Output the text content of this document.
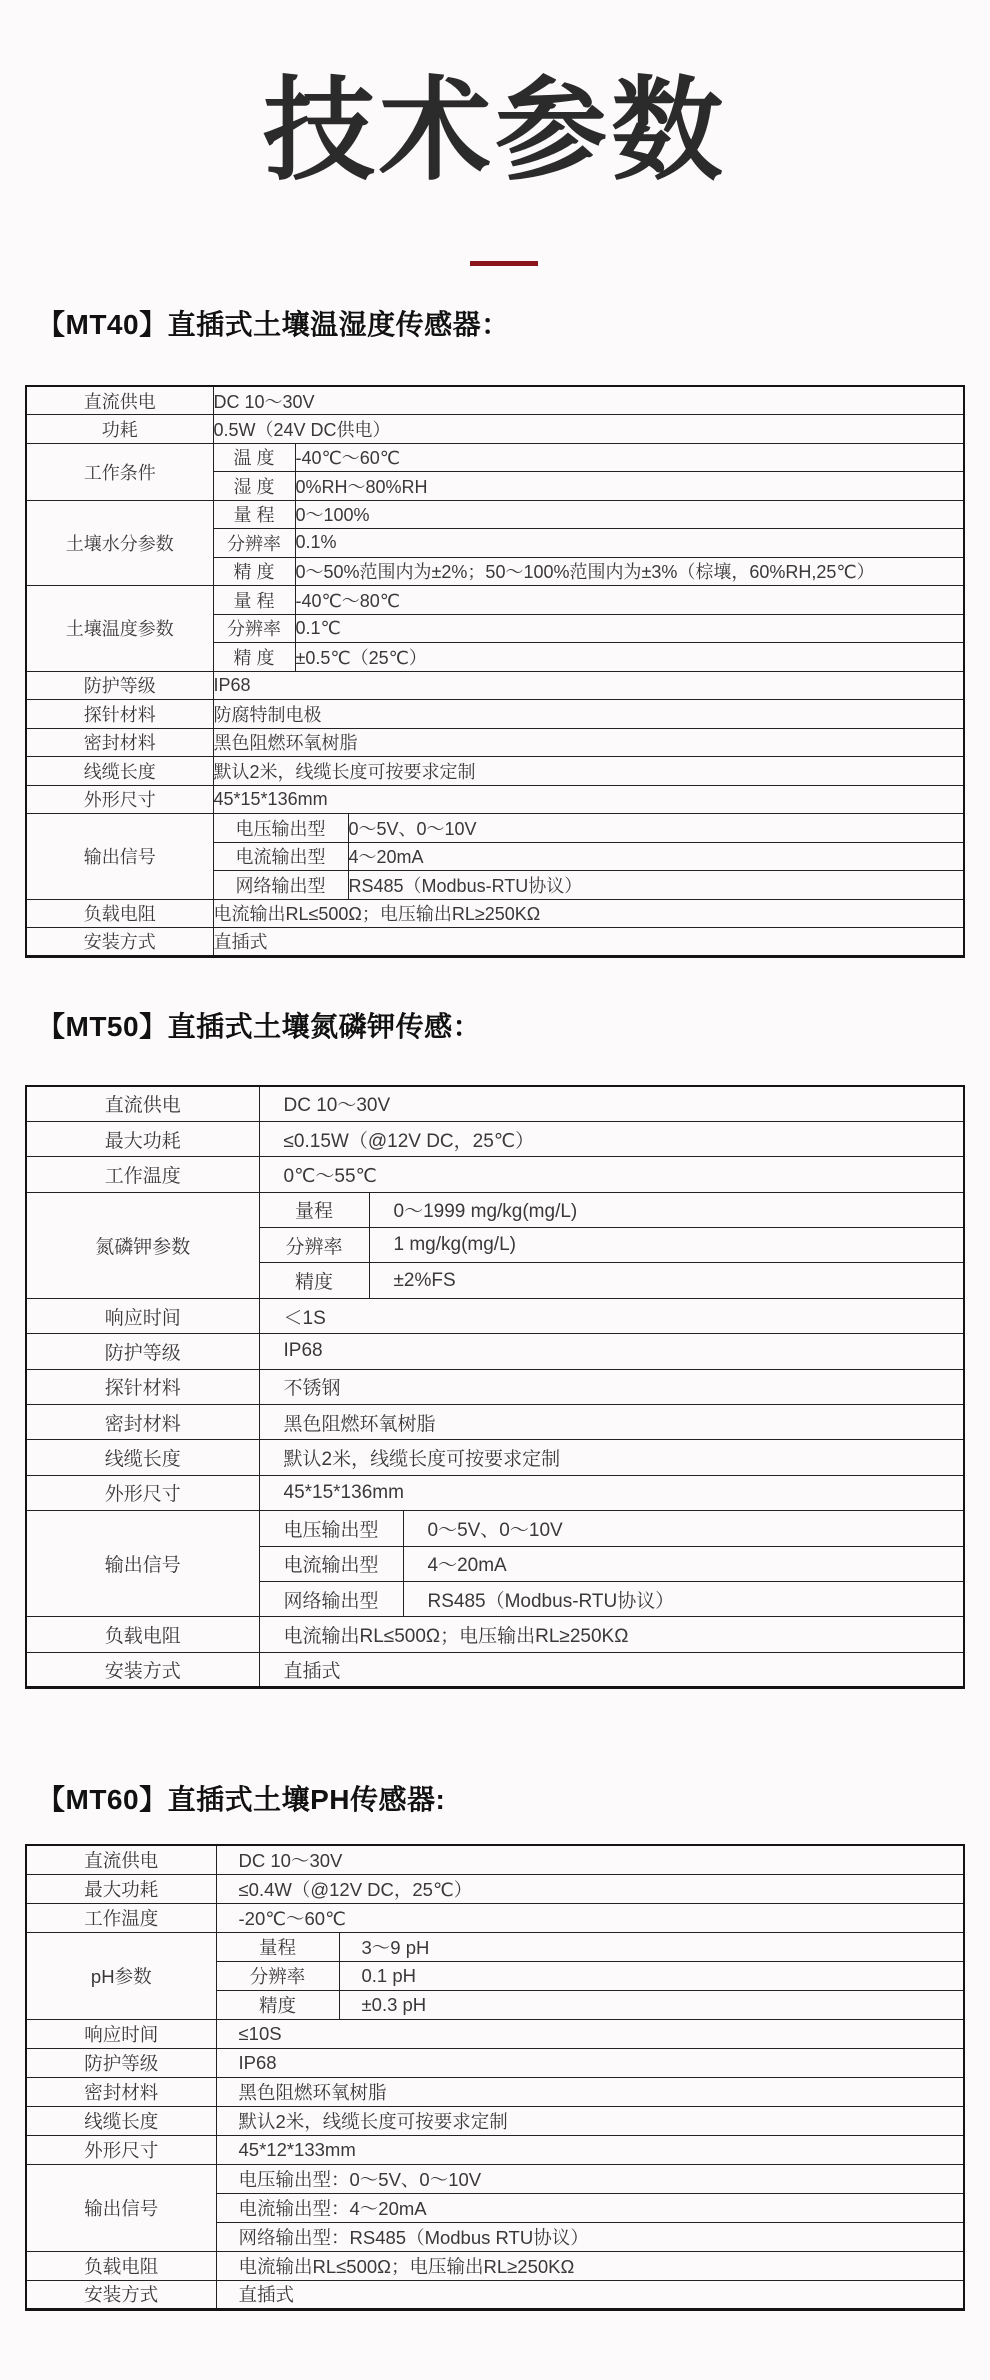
技术参数
【MT40】直插式土壤温湿度传感器：
直流供电	DC 10～30V		
功耗	0.5W（24V DC供电）		
工作条件	温 度	-40℃～60℃	
	湿 度	0%RH～80%RH	
土壤水分参数	量 程	0～100%	
	分辨率	0.1%	
	精 度	0～50%范围内为±2%；50～100%范围内为±3%（棕壤，60%RH,25℃）	
土壤温度参数	量 程	-40℃～80℃	
	分辨率	0.1℃	
	精 度	±0.5℃（25℃）	
防护等级	IP68		
探针材料	防腐特制电极		
密封材料	黑色阻燃环氧树脂		
线缆长度	默认2米，线缆长度可按要求定制		
外形尺寸	45*15*136mm		
输出信号	电压输出型		0～5V、0～10V
	电流输出型		4～20mA
	网络输出型		RS485（Modbus-RTU协议）
负载电阻	电流输出RL≤500Ω；电压输出RL≥250KΩ		
安装方式	直插式		
【MT50】直插式土壤氮磷钾传感：
直流供电	DC 10～30V		
最大功耗	≤0.15W（@12V DC，25℃）		
工作温度	0℃～55℃		
氮磷钾参数	量程	0～1999 mg/kg(mg/L)	
	分辨率	1 mg/kg(mg/L)	
	精度	±2%FS	
响应时间	＜1S		
防护等级	IP68		
探针材料	不锈钢		
密封材料	黑色阻燃环氧树脂		
线缆长度	默认2米，线缆长度可按要求定制		
外形尺寸	45*15*136mm		
输出信号	电压输出型		0～5V、0～10V
	电流输出型		4～20mA
	网络输出型		RS485（Modbus-RTU协议）
负载电阻	电流输出RL≤500Ω；电压输出RL≥250KΩ		
安装方式	直插式		
【MT60】直插式土壤PH传感器:
直流供电	DC 10～30V	
最大功耗	≤0.4W（@12V DC，25℃）	
工作温度	-20℃～60℃	
pH参数	量程	3～9 pH
	分辨率	0.1 pH
	精度	±0.3 pH
响应时间	≤10S	
防护等级	IP68	
密封材料	黑色阻燃环氧树脂	
线缆长度	默认2米，线缆长度可按要求定制	
外形尺寸	45*12*133mm	
输出信号	电压输出型：0～5V、0～10V	
	电流输出型：4～20mA	
	网络输出型：RS485（Modbus RTU协议）	
负载电阻	电流输出RL≤500Ω；电压输出RL≥250KΩ	
安装方式	直插式	
